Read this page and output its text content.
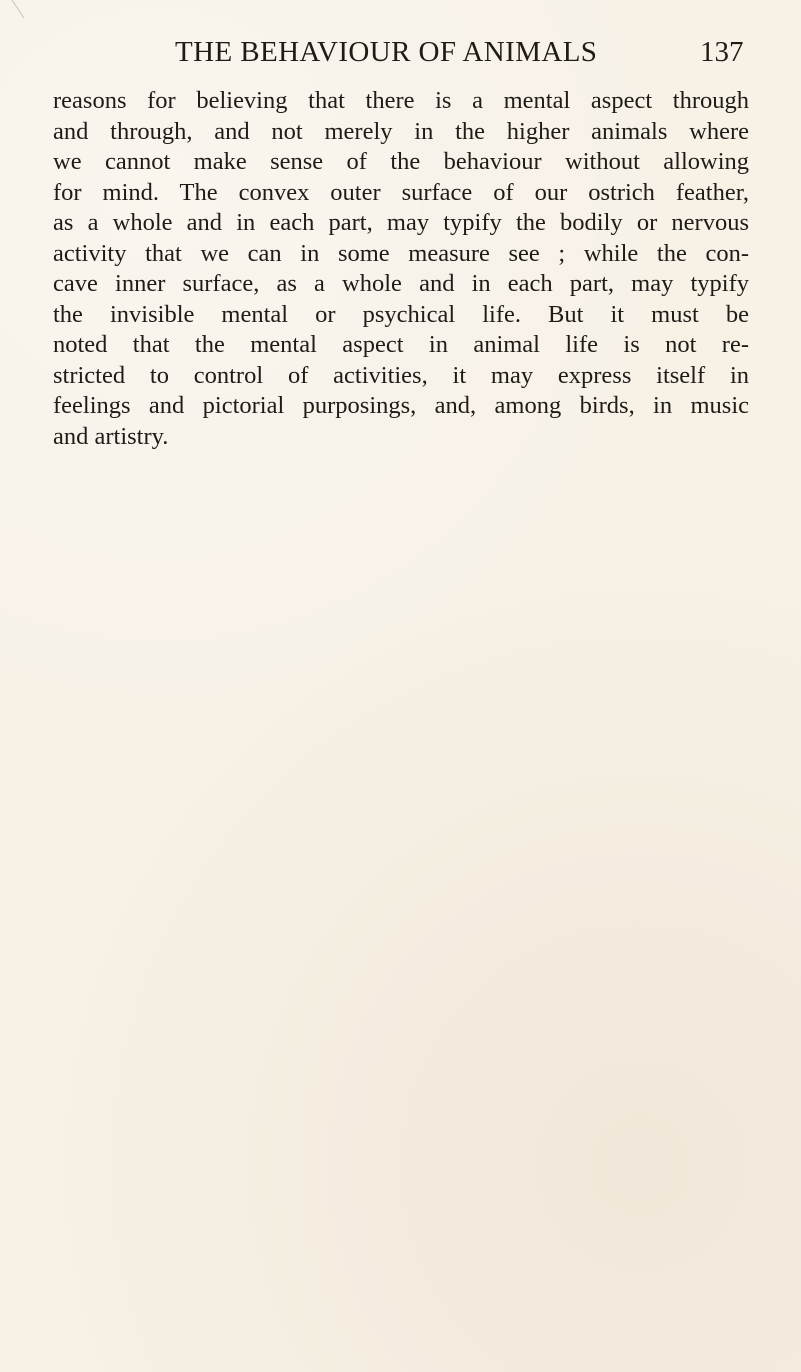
THE BEHAVIOUR OF ANIMALS	137

reasons for believing that there is a mental aspect through
and through, and not merely in the higher animals where
we cannot make sense of the behaviour without allowing
for mind. The convex outer surface of our ostrich feather,
as a whole and in each part, may typify the bodily or nervous
activity that we can in some measure see ; while the con-
cave inner surface, as a whole and in each part, may typify
the invisible mental or psychical life. But it must be
noted that the mental aspect in animal life is not re-
stricted to control of activities, it may express itself in
feelings and pictorial purposings, and, among birds, in music
and artistry.
